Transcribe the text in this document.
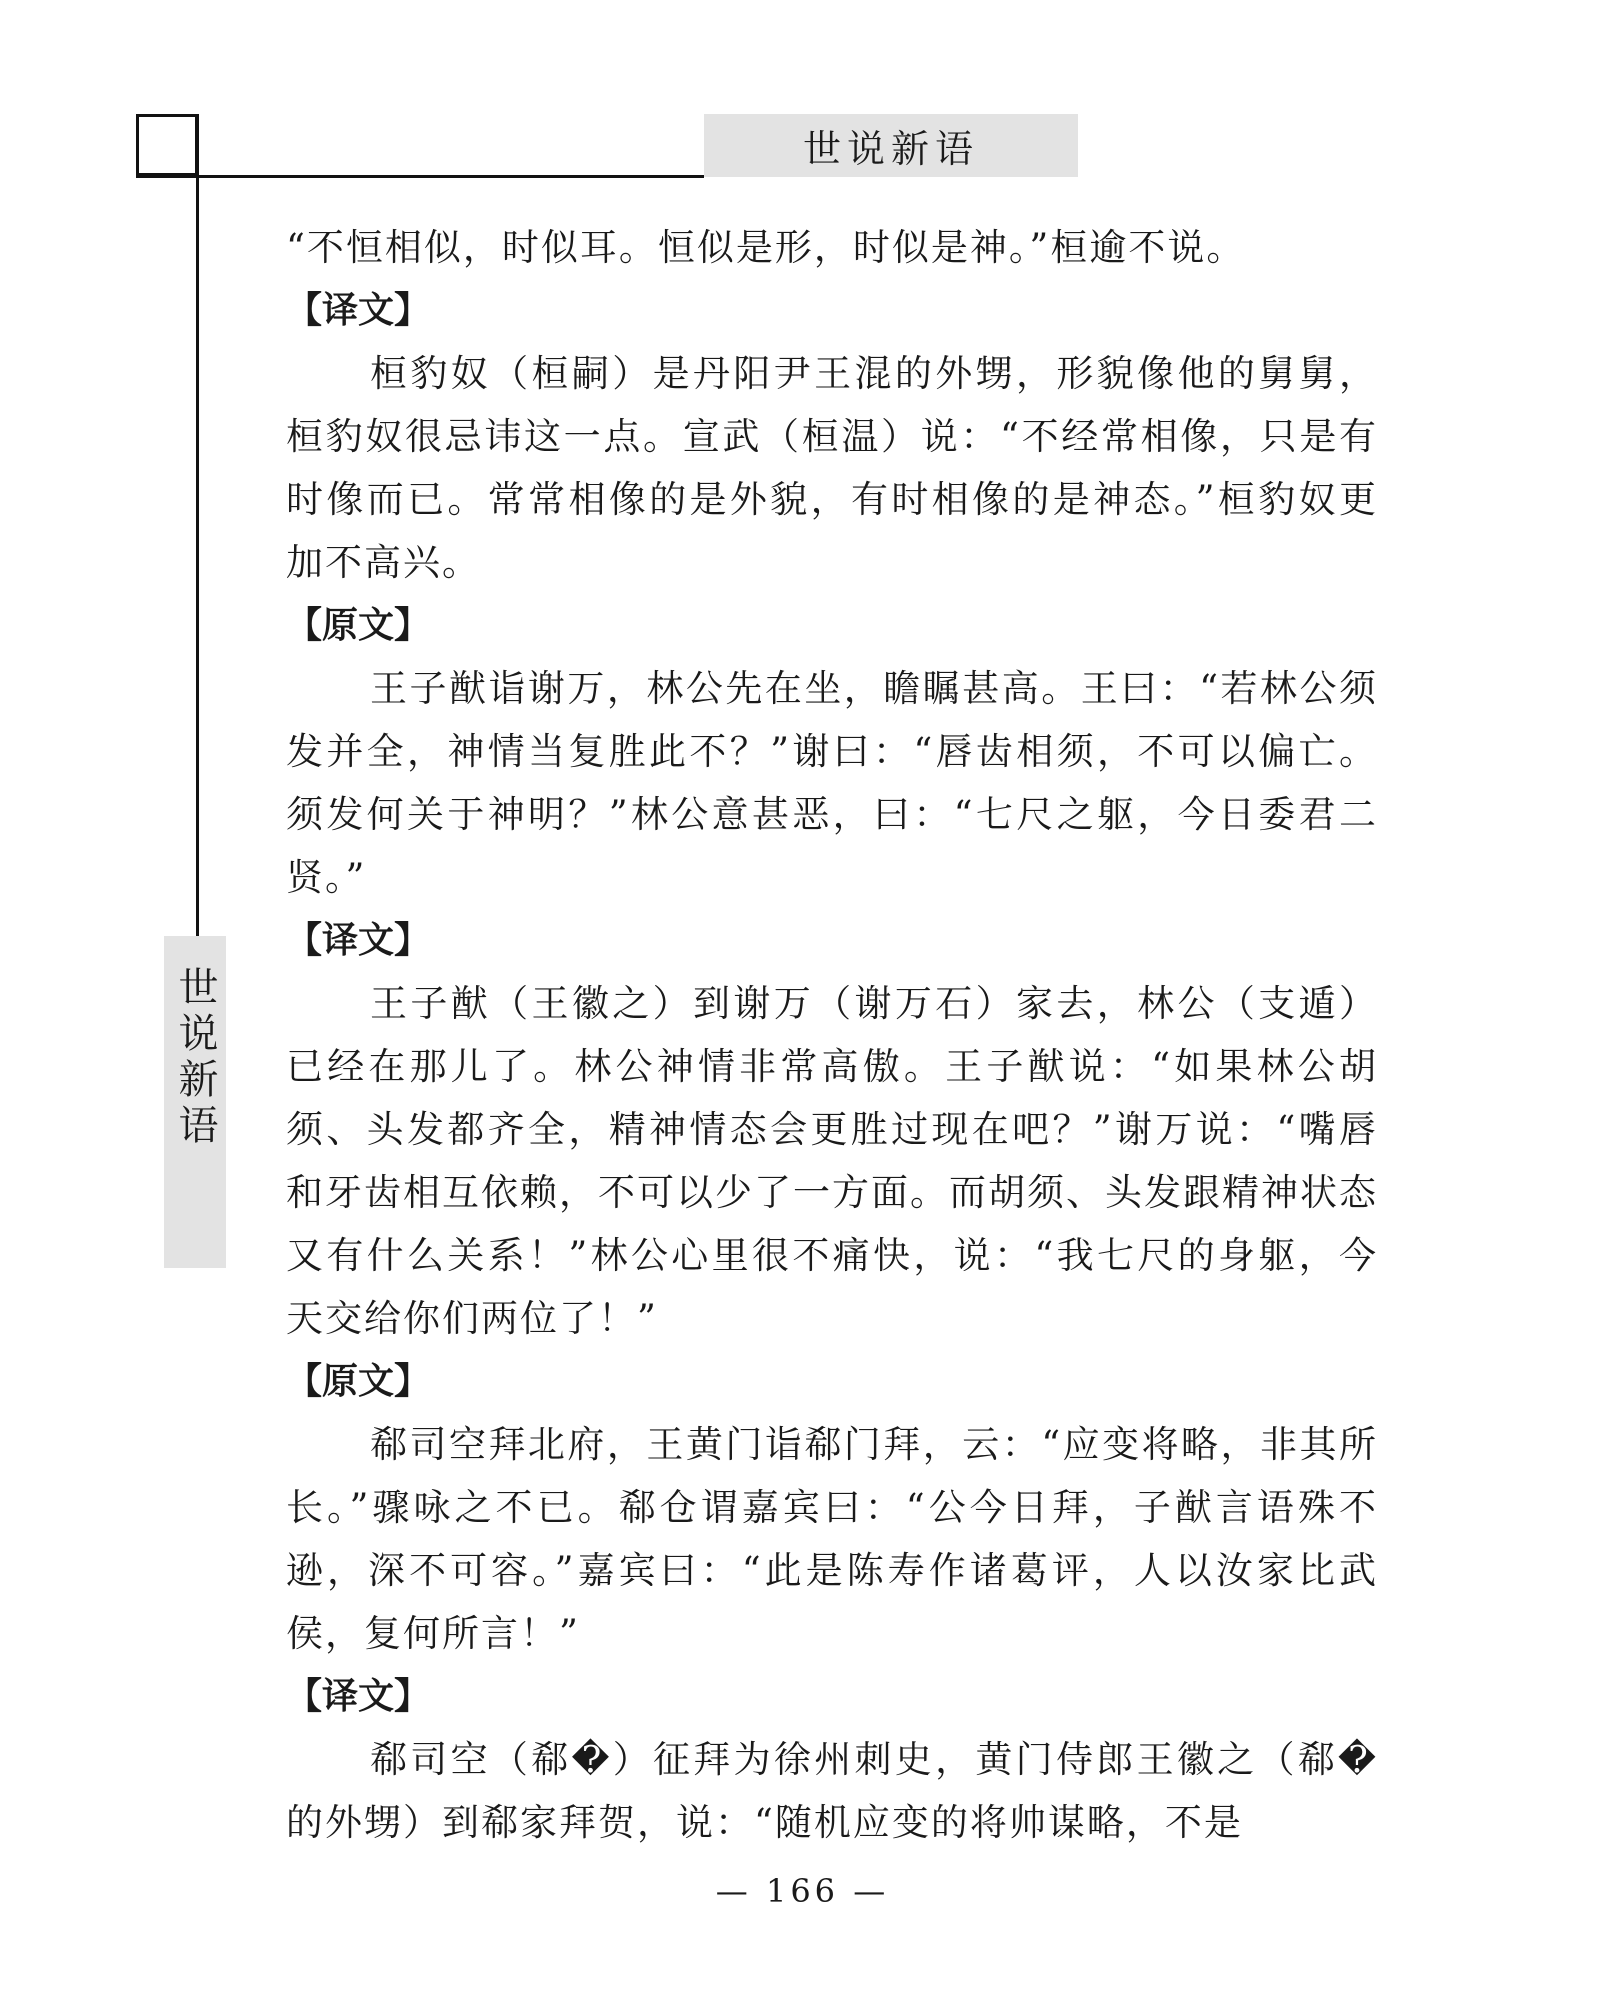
世说新语
世说新语

“不恒相似，时似耳。恒似是形，时似是神。”桓逾不说。

【译文】

桓豹奴（桓嗣）是丹阳尹王混的外甥，形貌像他的舅舅，桓豹奴很忌讳这一点。宣武（桓温）说：“不经常相像，只是有时像而已。常常相像的是外貌，有时相像的是神态。”桓豹奴更加不高兴。

【原文】

王子猷诣谢万，林公先在坐，瞻瞩甚高。王曰：“若林公须发并全，神情当复胜此不？”谢曰：“唇齿相须，不可以偏亡。须发何关于神明？”林公意甚恶，曰：“七尺之躯，今日委君二贤。”

【译文】

王子猷（王徽之）到谢万（谢万石）家去，林公（支遁）已经在那儿了。林公神情非常高傲。王子猷说：“如果林公胡须、头发都齐全，精神情态会更胜过现在吧？”谢万说：“嘴唇和牙齿相互依赖，不可以少了一方面。而胡须、头发跟精神状态又有什么关系！”林公心里很不痛快，说：“我七尺的身躯，今天交给你们两位了！”

【原文】

郗司空拜北府，王黄门诣郗门拜，云：“应变将略，非其所长。”骤咏之不已。郗仓谓嘉宾曰：“公今日拜，子猷言语殊不逊，深不可容。”嘉宾曰：“此是陈寿作诸葛评，人以汝家比武侯，复何所言！”

【译文】

郗司空（郗�）征拜为徐州刺史，黄门侍郎王徽之（郗�的外甥）到郗家拜贺，说：“随机应变的将帅谋略，不是

— 166 —
